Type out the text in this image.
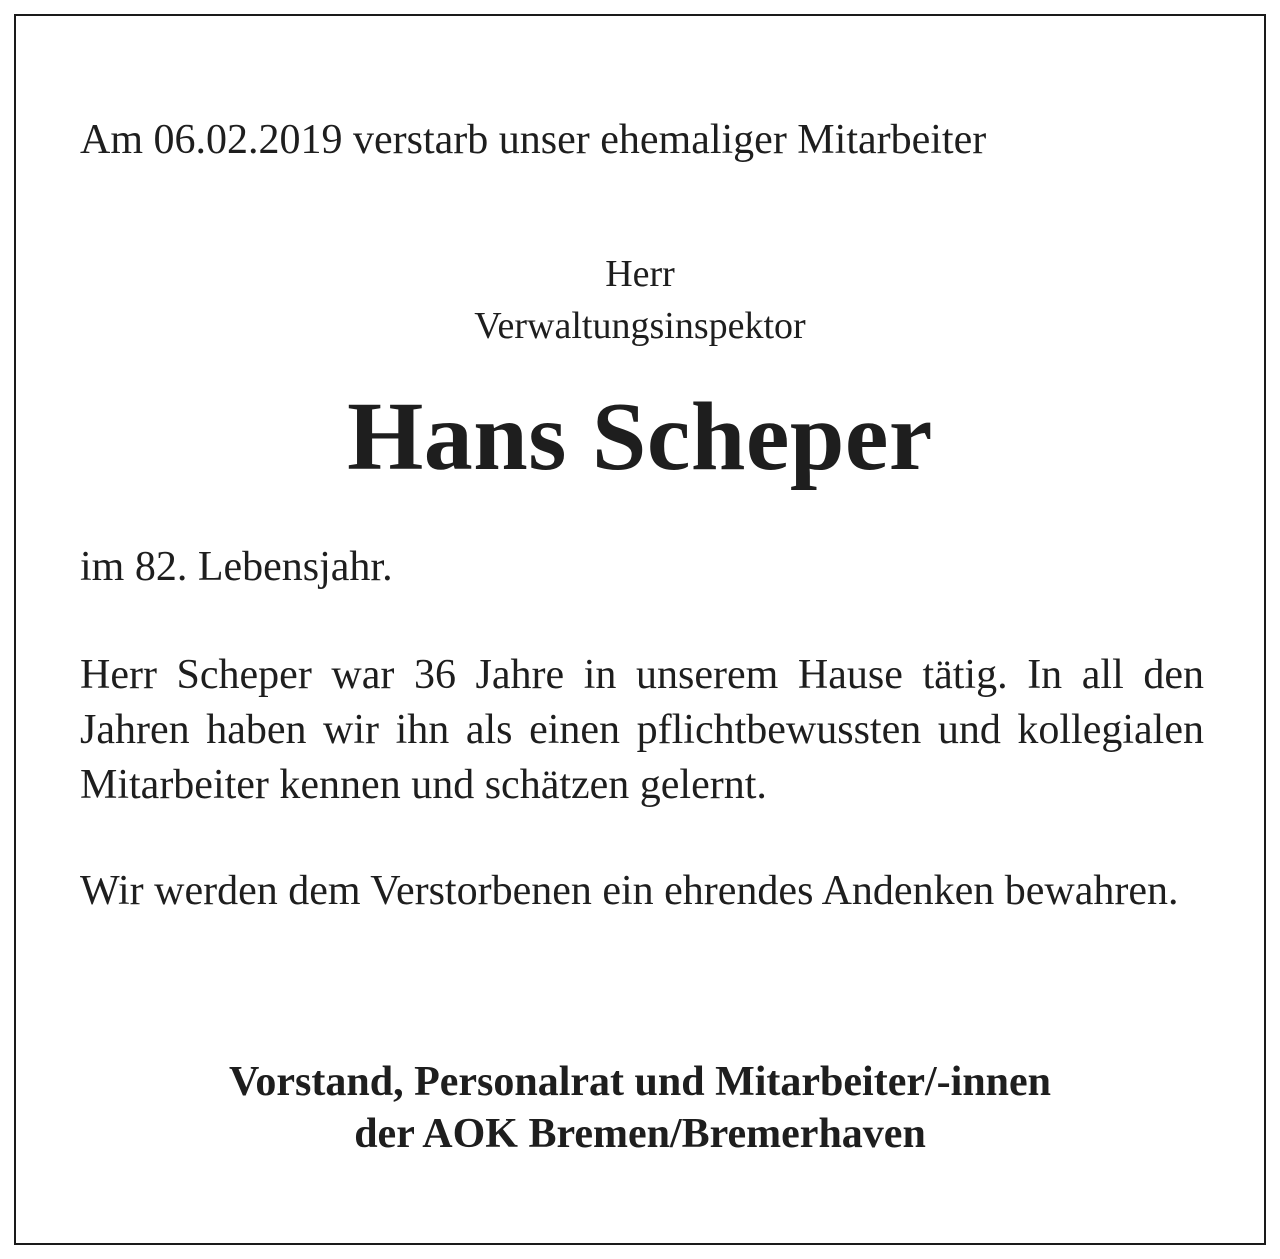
Am 06.02.2019 verstarb unser ehemaliger Mitarbeiter
Herr
Verwaltungsinspektor
Hans Scheper
im 82. Lebensjahr.
Herr Scheper war 36 Jahre in unserem Hause tätig. In all den Jahren haben wir ihn als einen pflichtbewussten und kollegialen Mitarbeiter kennen und schätzen gelernt.
Wir werden dem Verstorbenen ein ehrendes Andenken bewahren.
Vorstand, Personalrat und Mitarbeiter/-innen
der AOK Bremen/Bremerhaven
